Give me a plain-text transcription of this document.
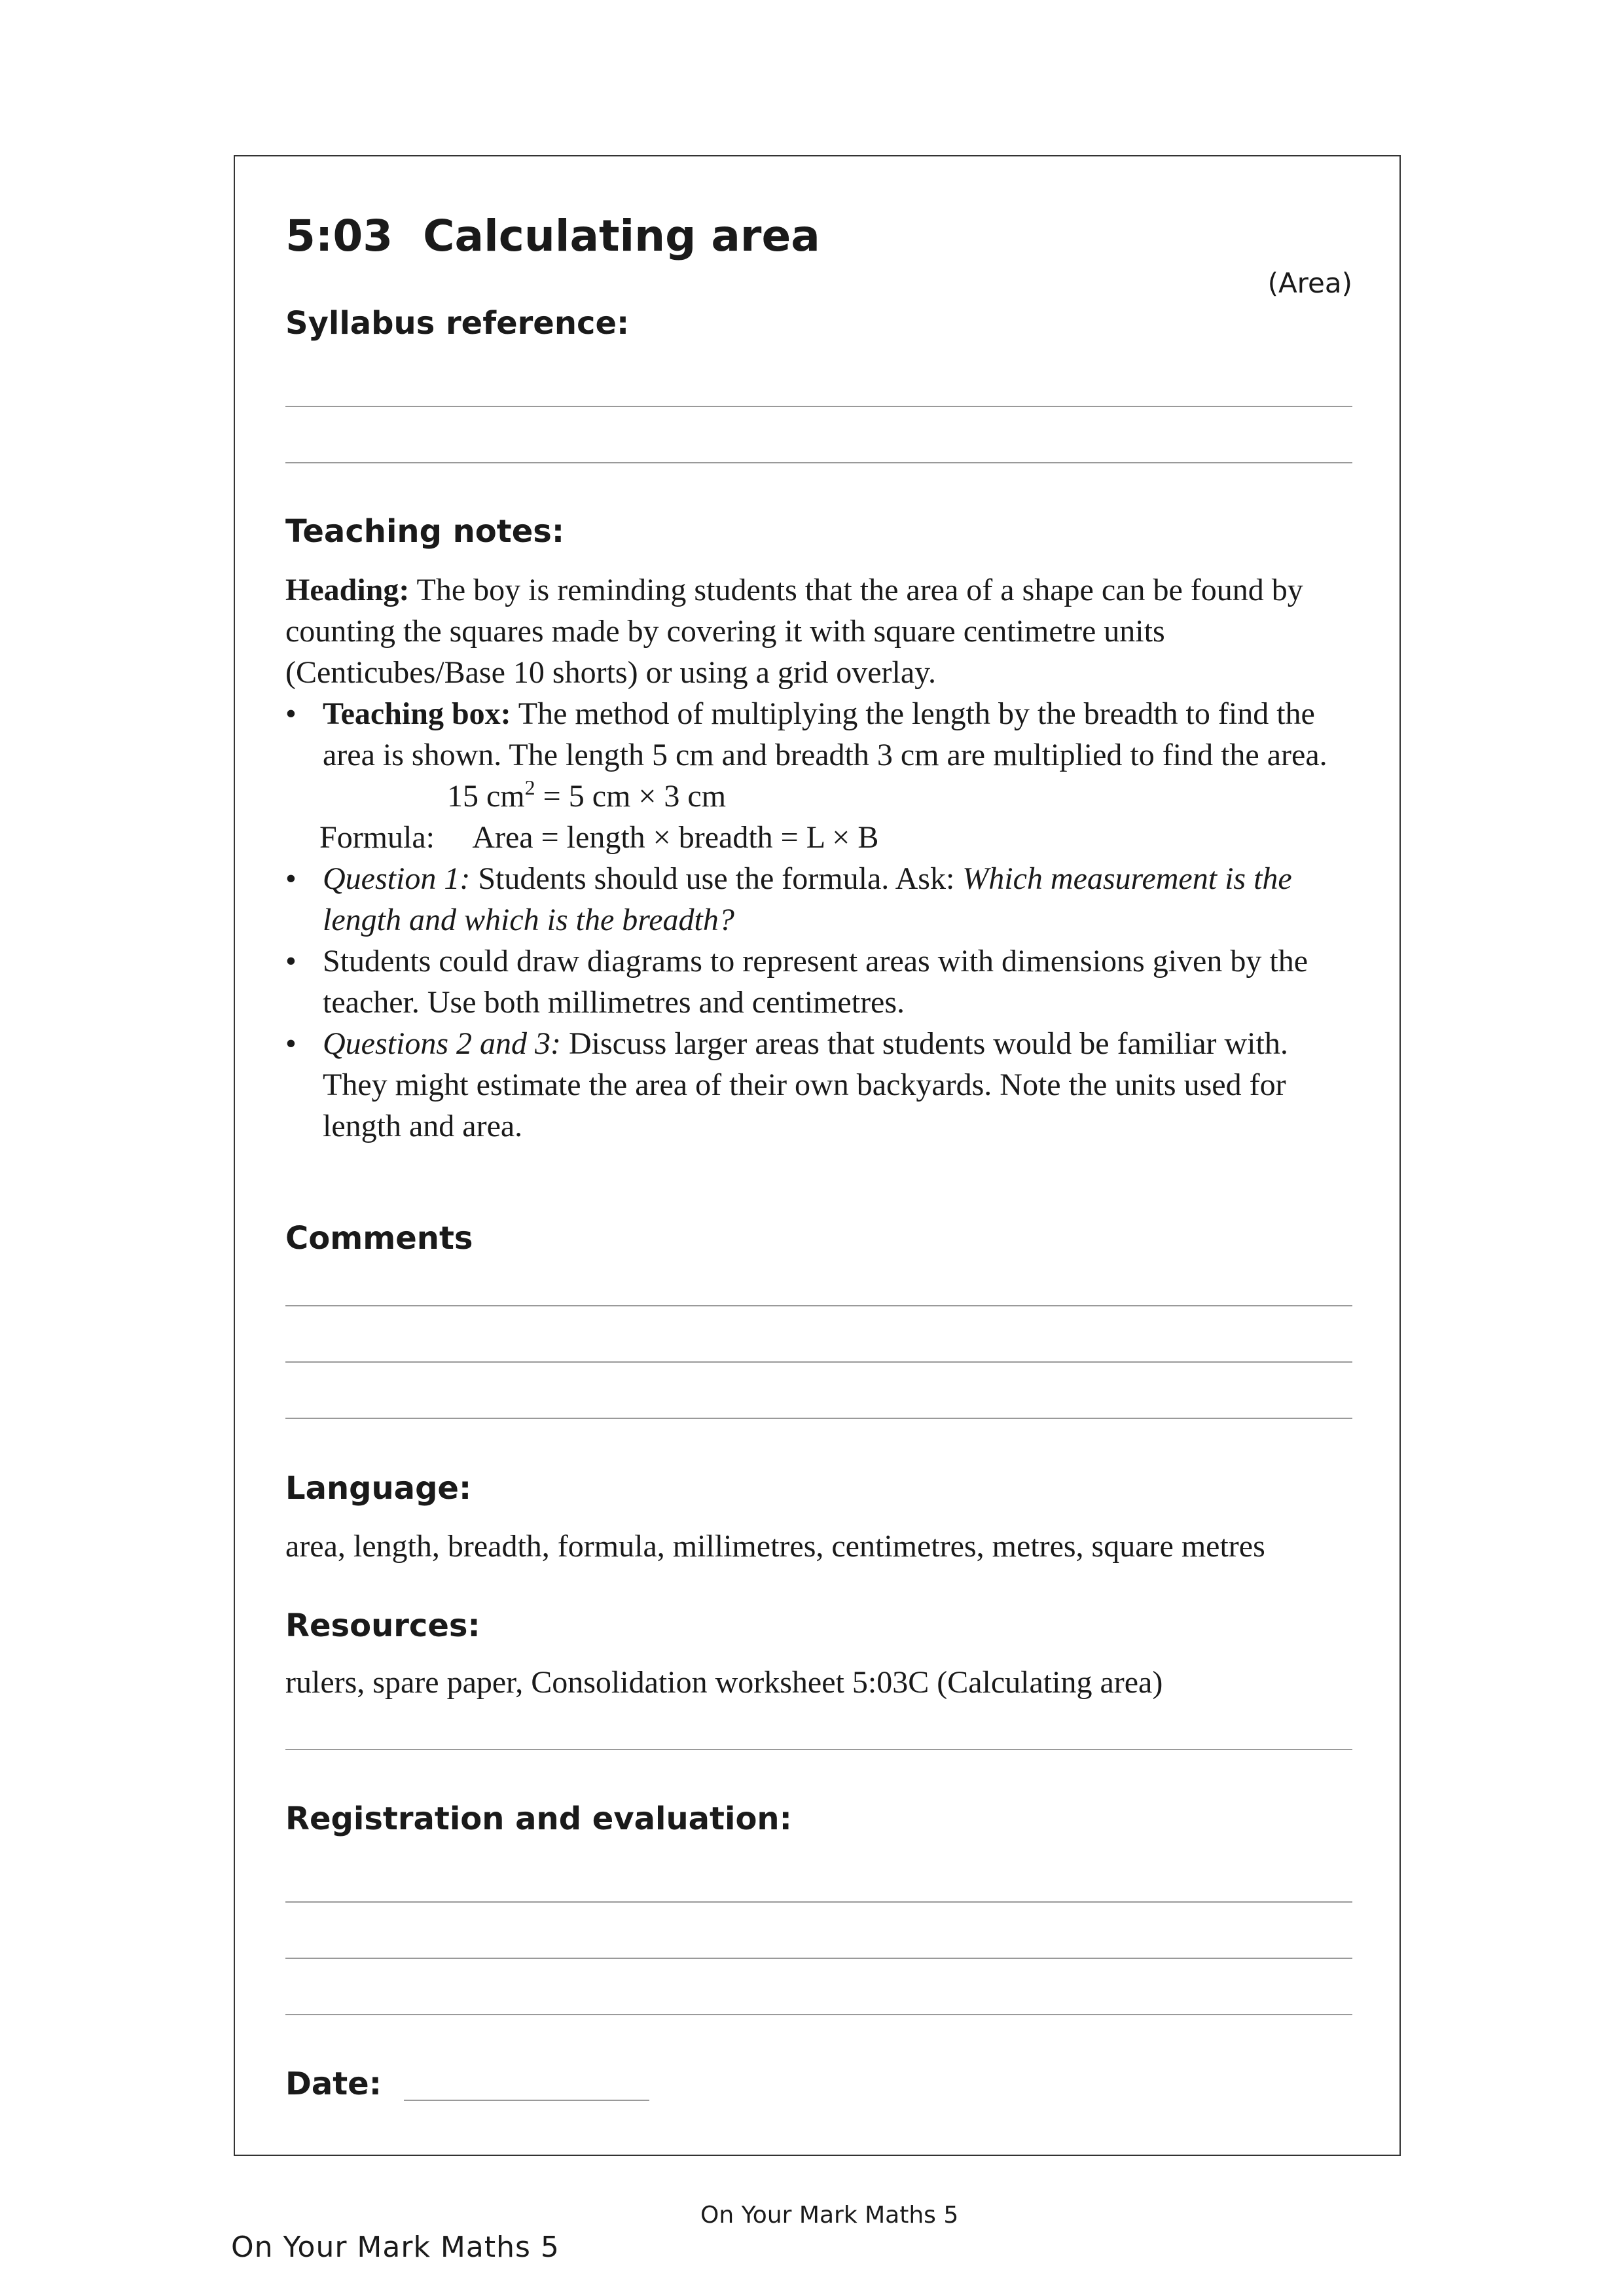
5:03  Calculating area
(Area)
Syllabus reference:
Teaching notes:

Heading: The boy is reminding students that the area of a shape can be found by counting the squares made by covering it with square centimetre units (Centicubes/Base 10 shorts) or using a grid overlay.

• Teaching box: The method of multiplying the length by the breadth to find the area is shown. The length 5 cm and breadth 3 cm are multiplied to find the area.

15 $cm^2 = 5$ cm × 3 cm

Formula:     Area = length × breadth = L × B

• Question 1: Students should use the formula. Ask: Which measurement is the length and which is the breadth?

• Students could draw diagrams to represent areas with dimensions given by the teacher. Use both millimetres and centimetres.

• Questions 2 and 3: Discuss larger areas that students would be familiar with. They might estimate the area of their own backyards. Note the units used for length and area.

Comments
Language:
area, length, breadth, formula, millimetres, centimetres, metres, square metres
Resources:
rulers, spare paper, Consolidation worksheet 5:03C (Calculating area)
Registration and evaluation:
Date:
On Your Mark Maths 5
On Your Mark Maths 5
